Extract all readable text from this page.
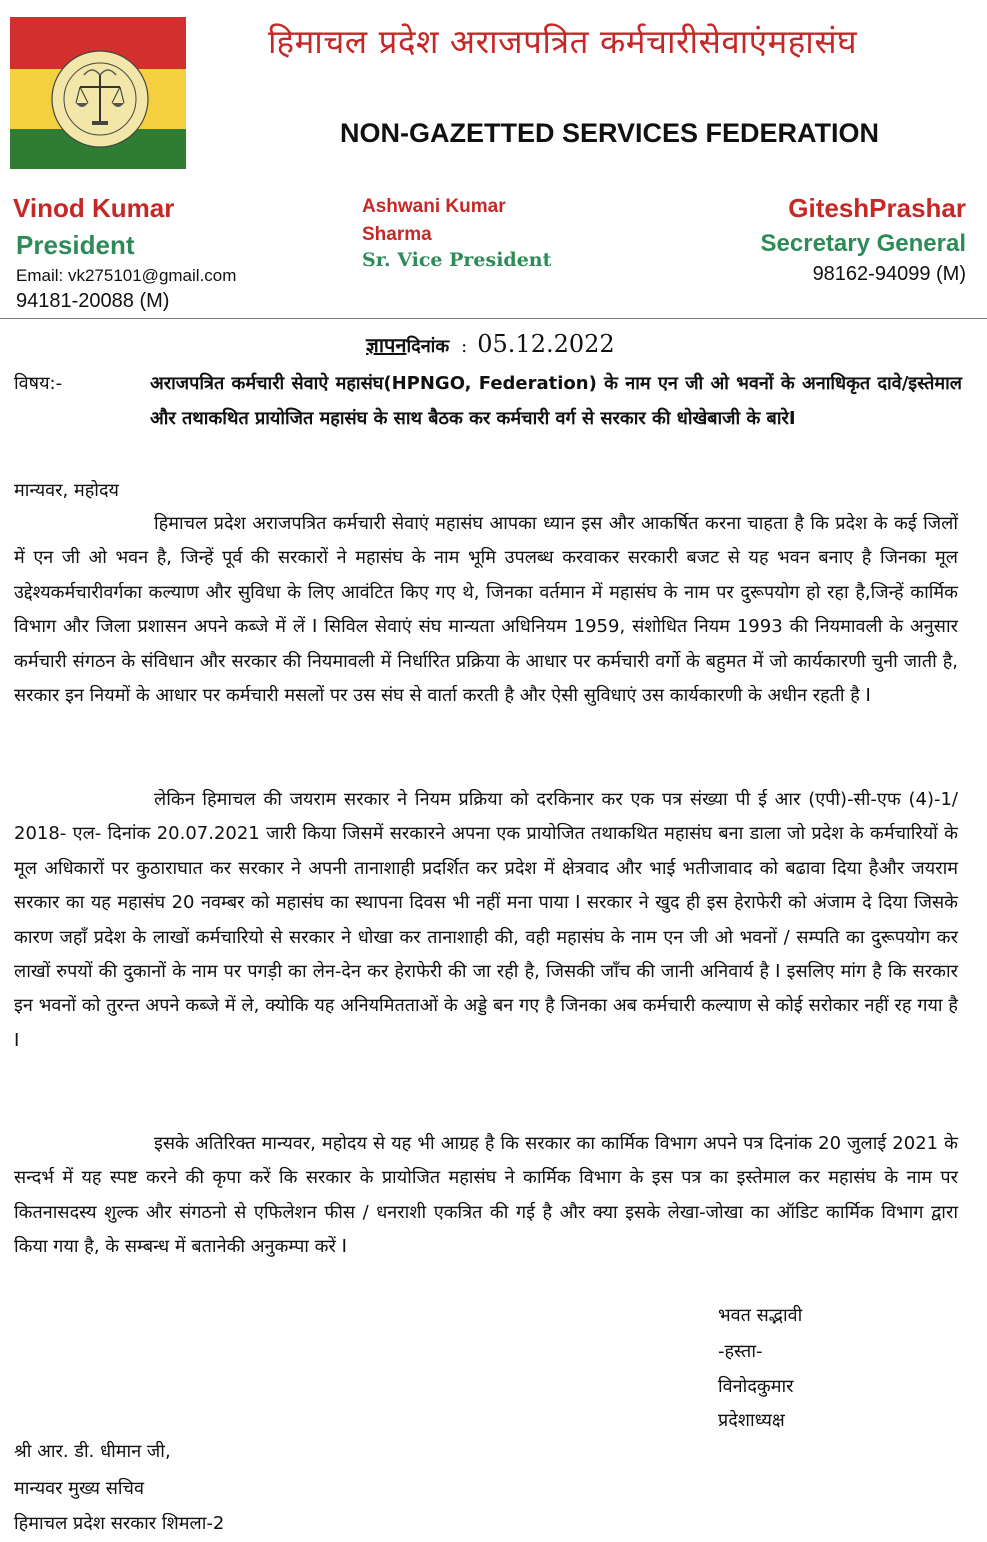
हिमाचल प्रदेश अराजपत्रित कर्मचारीसेवाएंमहासंघ
NON-GAZETTED SERVICES FEDERATION
Vinod Kumar
President
Email: vk275101@gmail.com
94181-20088 (M)
Ashwani Kumar
Sharma
Sr. Vice President
GiteshPrashar
Secretary General
98162-94099 (M)
ज्ञापनदिनांक : 05.12.2022
विषय:-	अराजपत्रित कर्मचारी सेवाऐ महासंघ(HPNGO, Federation) के नाम एन जी ओ भवनों के अनाधिकृत दावे/इस्तेमाल और तथाकथित प्रायोजित महासंघ के साथ बैठक कर कर्मचारी वर्ग से सरकार की धोखेबाजी के बारेI
मान्यवर, महोदय

हिमाचल प्रदेश अराजपत्रित कर्मचारी सेवाएं महासंघ आपका ध्यान इस और आकर्षित करना चाहता है कि प्रदेश के कई जिलों में एन जी ओ भवन है, जिन्हें पूर्व की सरकारों ने महासंघ के नाम भूमि उपलब्ध करवाकर सरकारी बजट से यह भवन बनाए है जिनका मूल उद्देश्यकर्मचारीवर्गका कल्याण और सुविधा के लिए आवंटित किए गए थे, जिनका वर्तमान में महासंघ के नाम पर दुरूपयोग हो रहा है,जिन्हें कार्मिक विभाग और जिला प्रशासन अपने कब्जे में लें I सिविल सेवाएं संघ मान्यता अधिनियम 1959, संशोधित नियम 1993 की नियमावली के अनुसार कर्मचारी संगठन के संविधान और सरकार की नियमावली में निर्धारित प्रक्रिया के आधार पर कर्मचारी वर्गो के बहुमत में जो कार्यकारणी चुनी जाती है, सरकार इन नियमों के आधार पर कर्मचारी मसलों पर उस संघ से वार्ता करती है और ऐसी सुविधाएं उस कार्यकारणी के अधीन रहती है I

लेकिन हिमाचल की जयराम सरकार ने नियम प्रक्रिया को दरकिनार कर एक पत्र संख्या पी ई आर (एपी)-सी-एफ (4)-1/ 2018- एल- दिनांक 20.07.2021 जारी किया जिसमें सरकारने अपना एक प्रायोजित तथाकथित महासंघ बना डाला जो प्रदेश के कर्मचारियों के मूल अधिकारों पर कुठाराघात कर सरकार ने अपनी तानाशाही प्रदर्शित कर प्रदेश में क्षेत्रवाद और भाई भतीजावाद को बढावा दिया हैऔर जयराम सरकार का यह महासंघ 20 नवम्बर को महासंघ का स्थापना दिवस भी नहीं मना पाया I सरकार ने खुद ही इस हेराफेरी को अंजाम दे दिया जिसके कारण जहाँ प्रदेश के लाखों कर्मचारियो से सरकार ने धोखा कर तानाशाही की, वही महासंघ के नाम एन जी ओ भवनों / सम्पति का दुरूपयोग कर लाखों रुपयों की दुकानों के नाम पर पगड़ी का लेन-देन कर हेराफेरी की जा रही है, जिसकी जाँच की जानी अनिवार्य है I इसलिए मांग है कि सरकार इन भवनों को तुरन्त अपने कब्जे में ले, क्योकि यह अनियमितताओं के अड्डे बन गए है जिनका अब कर्मचारी कल्याण से कोई सरोकार नहीं रह गया है I

इसके अतिरिक्त मान्यवर, महोदय से यह भी आग्रह है कि सरकार का कार्मिक विभाग अपने पत्र दिनांक 20 जुलाई 2021 के सन्दर्भ में यह स्पष्ट करने की कृपा करें कि सरकार के प्रायोजित महासंघ ने कार्मिक विभाग के इस पत्र का इस्तेमाल कर महासंघ के नाम पर कितनासदस्य शुल्क और संगठनो से एफिलेशन फीस / धनराशी एकत्रित की गई है और क्या इसके लेखा-जोखा का ऑडिट कार्मिक विभाग द्वारा किया गया है, के सम्बन्ध में बतानेकी अनुकम्पा करें I

भवत सद्भावी
-हस्ता-
विनोदकुमार
प्रदेशाध्यक्ष
श्री आर. डी. धीमान जी,
मान्यवर मुख्य सचिव
हिमाचल प्रदेश सरकार शिमला-2
